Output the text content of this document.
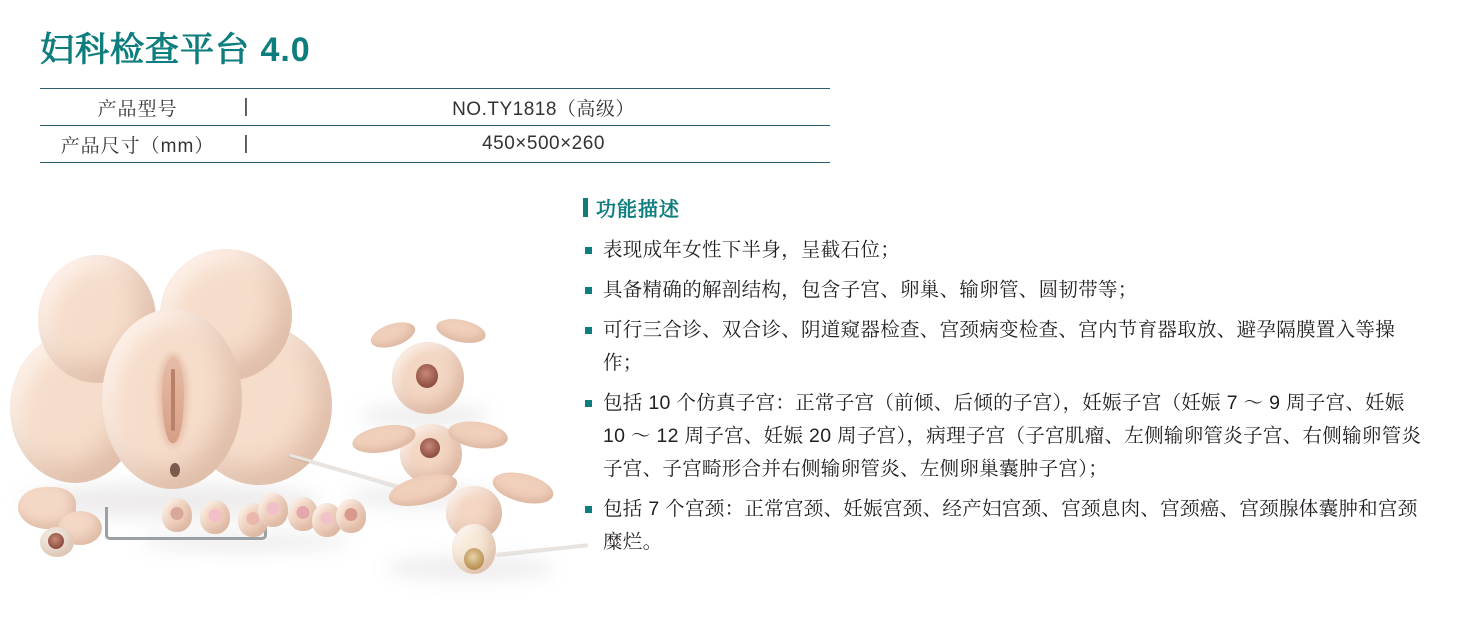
妇科检查平台 4.0
产品型号	|	NO.TY1818（高级）
产品尺寸（mm）	|	450×500×260
功能描述
表现成年女性下半身，呈截石位；
具备精确的解剖结构，包含子宫、卵巢、输卵管、圆韧带等；
可行三合诊、双合诊、阴道窥器检查、宫颈病变检查、宫内节育器取放、避孕隔膜置入等操作；
包括 10 个仿真子宫：正常子宫（前倾、后倾的子宫），妊娠子宫（妊娠 7 ～ 9 周子宫、妊娠 10 ～ 12 周子宫、妊娠 20 周子宫），病理子宫（子宫肌瘤、左侧输卵管炎子宫、右侧输卵管炎子宫、子宫畸形合并右侧输卵管炎、左侧卵巢囊肿子宫）；
包括 7 个宫颈：正常宫颈、妊娠宫颈、经产妇宫颈、宫颈息肉、宫颈癌、宫颈腺体囊肿和宫颈糜烂。
